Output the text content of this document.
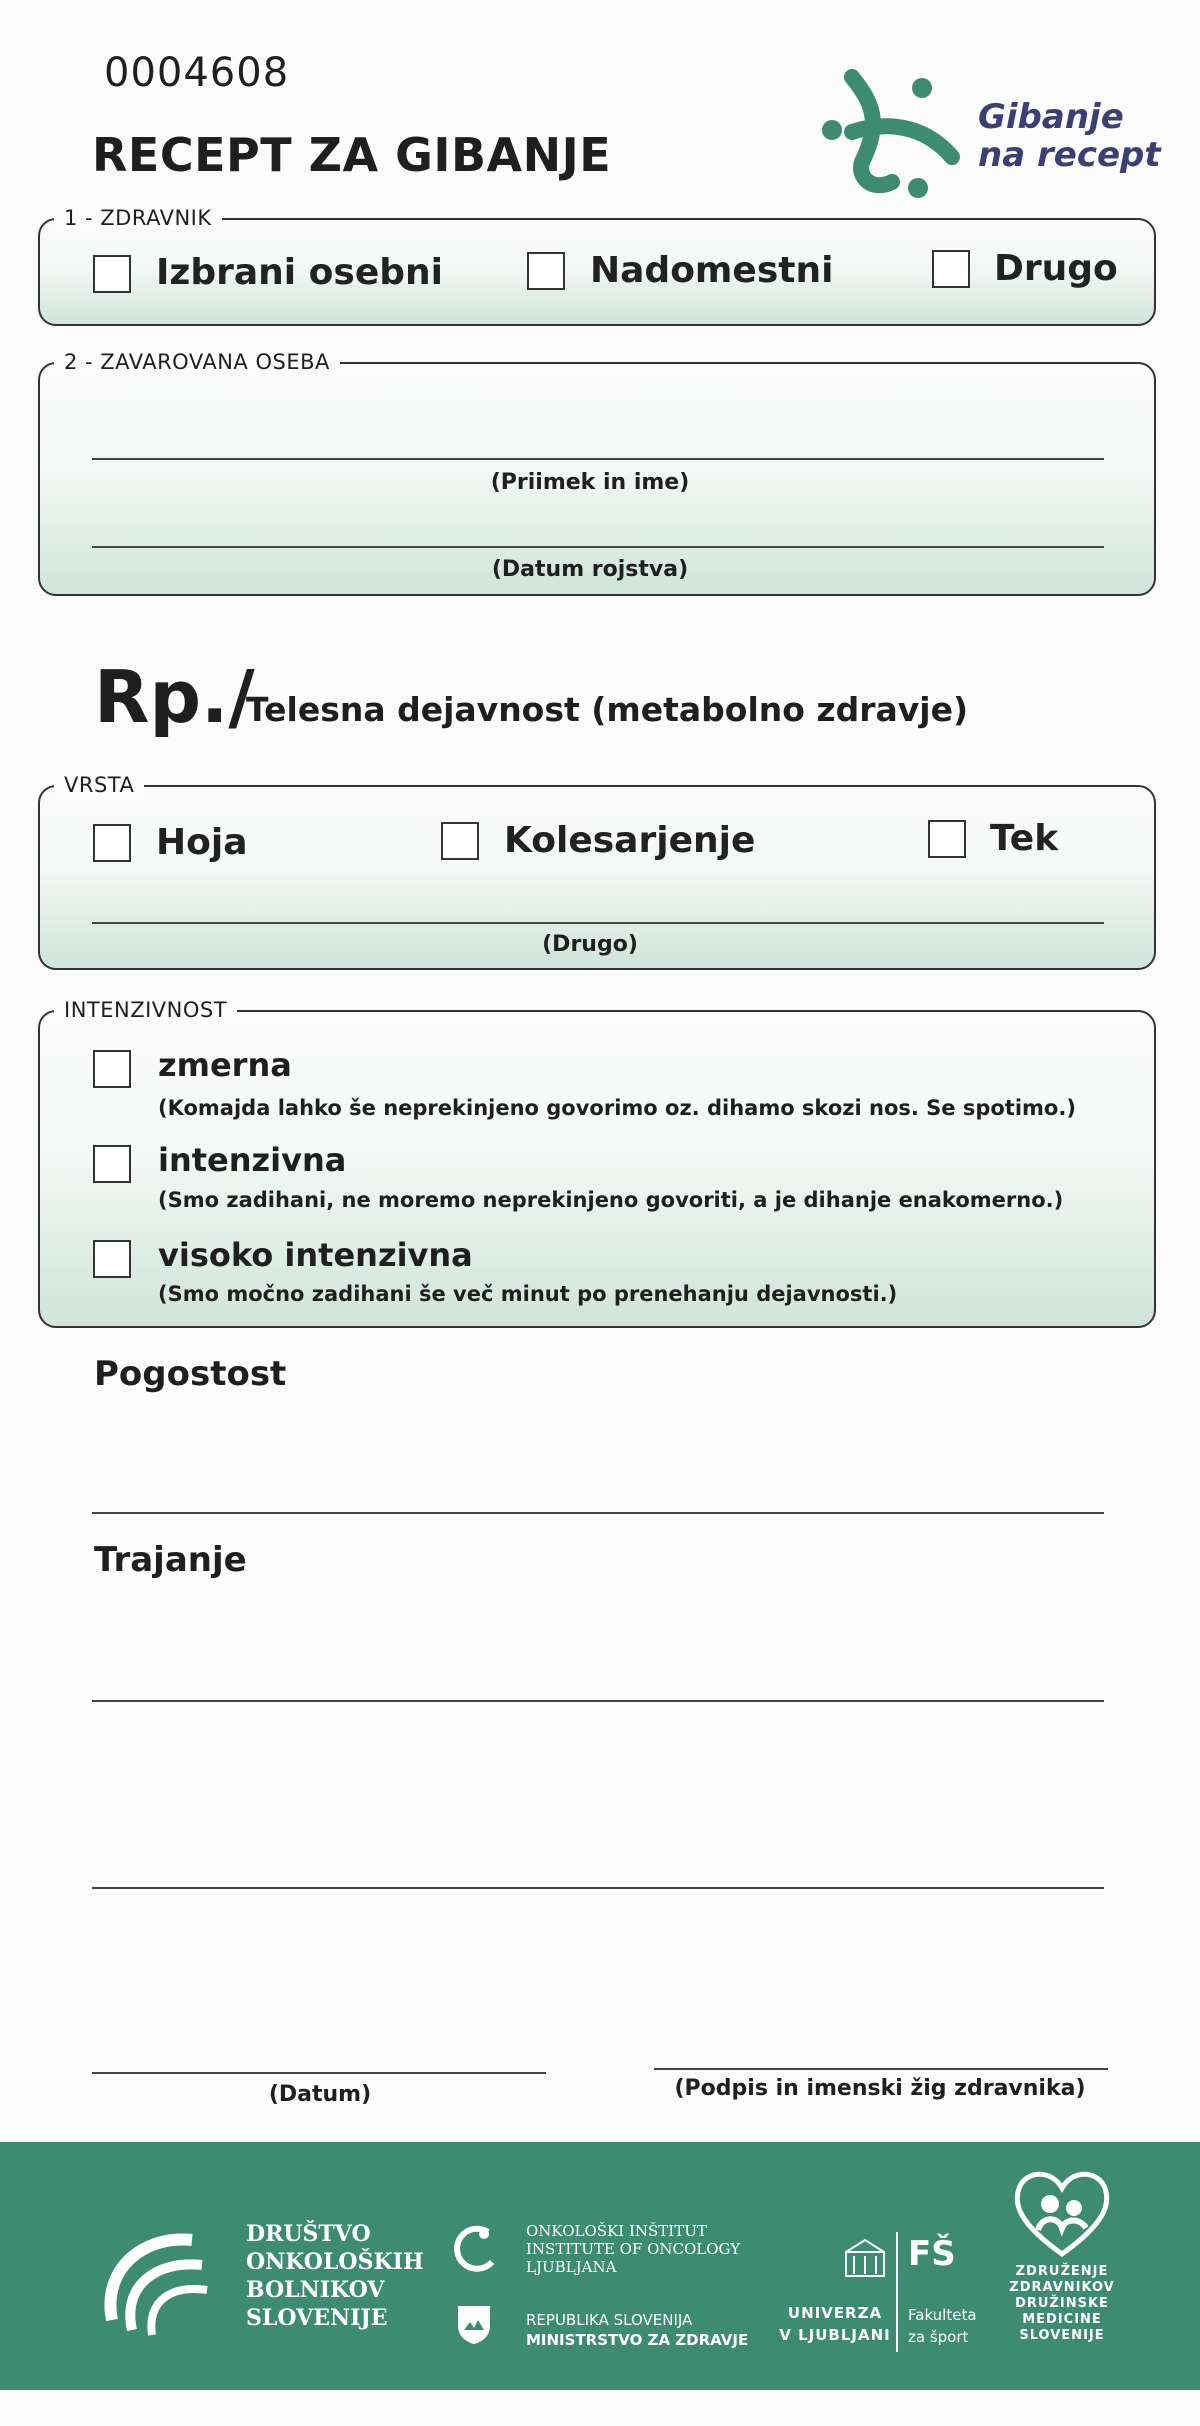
0004608
RECEPT ZA GIBANJE
Gibanje
na recept
1 - ZDRAVNIK
Izbrani osebni	Nadomestni	Drugo
2 - ZAVAROVANA OSEBA
(Priimek in ime)
(Datum rojstva)
Rp./
Telesna dejavnost (metabolno zdravje)
VRSTA
Hoja	Kolesarjenje	Tek
(Drugo)
INTENZIVNOST
zmerna
(Komajda lahko še neprekinjeno govorimo oz. dihamo skozi nos. Se spotimo.)
intenzivna
(Smo zadihani, ne moremo neprekinjeno govoriti, a je dihanje enakomerno.)
visoko intenzivna
(Smo močno zadihani še več minut po prenehanju dejavnosti.)
Pogostost
Trajanje
(Datum)	(Podpis in imenski žig zdravnika)
DRUŠTVO
ONKOLOŠKIH
BOLNIKOV
SLOVENIJE
ONKOLOŠKI INŠTITUT
INSTITUTE OF ONCOLOGY
LJUBLJANA
REPUBLIKA SLOVENIJA
MINISTRSTVO ZA ZDRAVJE
UNIVERZA
V LJUBLJANI
FŠ
Fakulteta
za šport
ZDRUŽENJE
ZDRAVNIKOV
DRUŽINSKE
MEDICINE
SLOVENIJE
